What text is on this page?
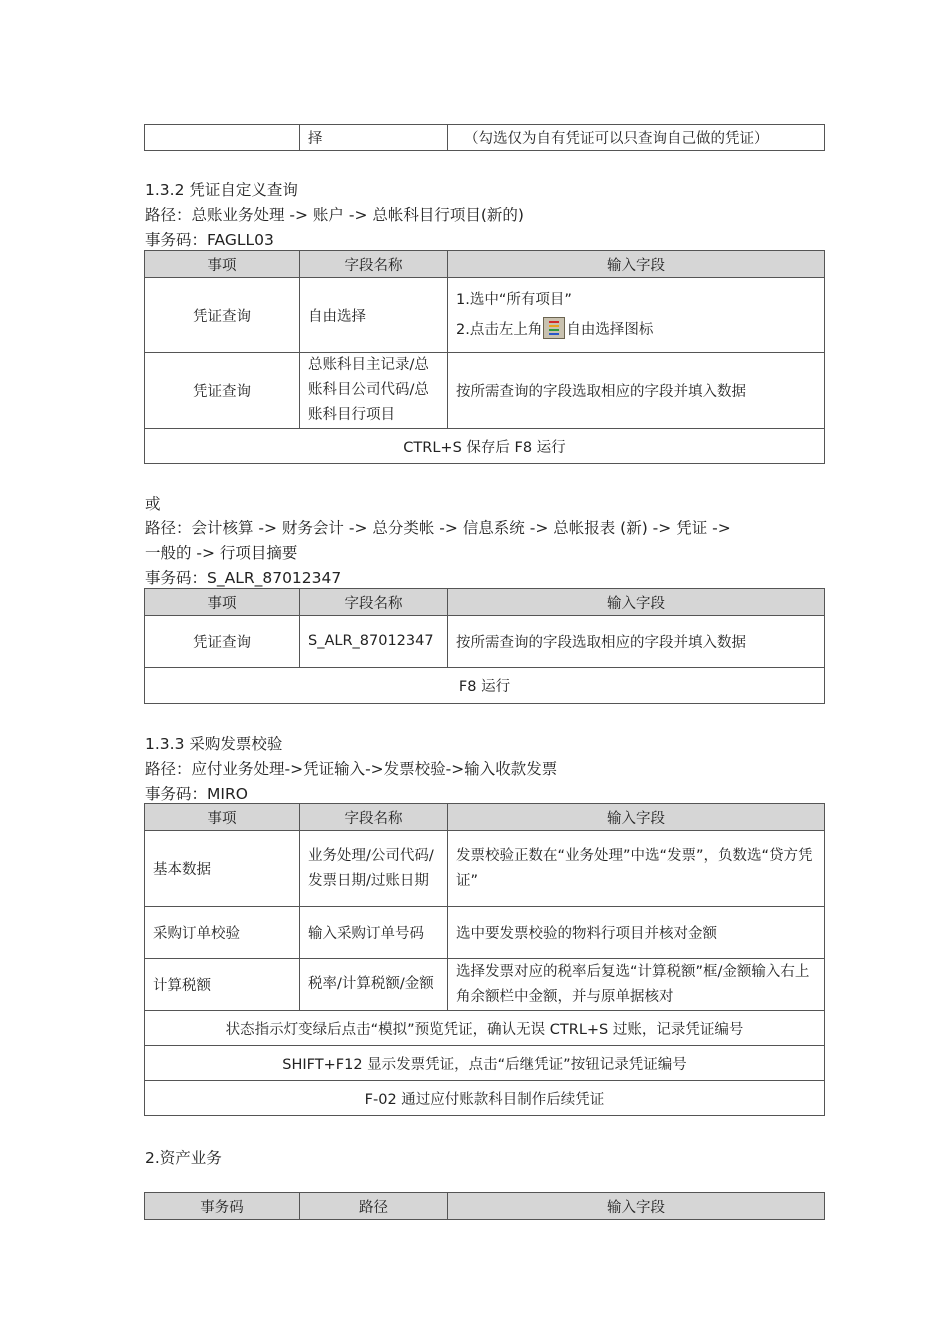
	择	（勾选仅为自有凭证可以只查询自己做的凭证）
1.3.2 凭证自定义查询
路径：总账业务处理 -> 账户 -> 总帐科目行项目(新的)
事务码：FAGLL03
事项	字段名称	输入字段
凭证查询	自由选择	1.选中“所有项目”
2.点击左上角 自由选择图标

凭证查询	总账科目主记录/总账科目公司代码/总账科目行项目	按所需查询的字段选取相应的字段并填入数据
CTRL+S 保存后 F8 运行		
或
路径：会计核算 -> 财务会计 -> 总分类帐 -> 信息系统 -> 总帐报表 (新) -> 凭证 ->
一般的 -> 行项目摘要
事务码：S_ALR_87012347
事项	字段名称	输入字段
凭证查询	S_ALR_87012347	按所需查询的字段选取相应的字段并填入数据
F8 运行		
1.3.3 采购发票校验
路径：应付业务处理->凭证输入->发票校验->输入收款发票
事务码：MIRO
事项	字段名称	输入字段
基本数据	业务处理/公司代码/发票日期/过账日期	发票校验正数在“业务处理”中选“发票”，负数选“贷方凭证”
采购订单校验	输入采购订单号码	选中要发票校验的物料行项目并核对金额
计算税额	税率/计算税额/金额	选择发票对应的税率后复选“计算税额”框/金额输入右上角余额栏中金额，并与原单据核对
状态指示灯变绿后点击“模拟”预览凭证，确认无误 CTRL+S 过账，记录凭证编号		
SHIFT+F12 显示发票凭证，点击“后继凭证”按钮记录凭证编号		
F-02 通过应付账款科目制作后续凭证		
2.资产业务
事务码	路径	输入字段
